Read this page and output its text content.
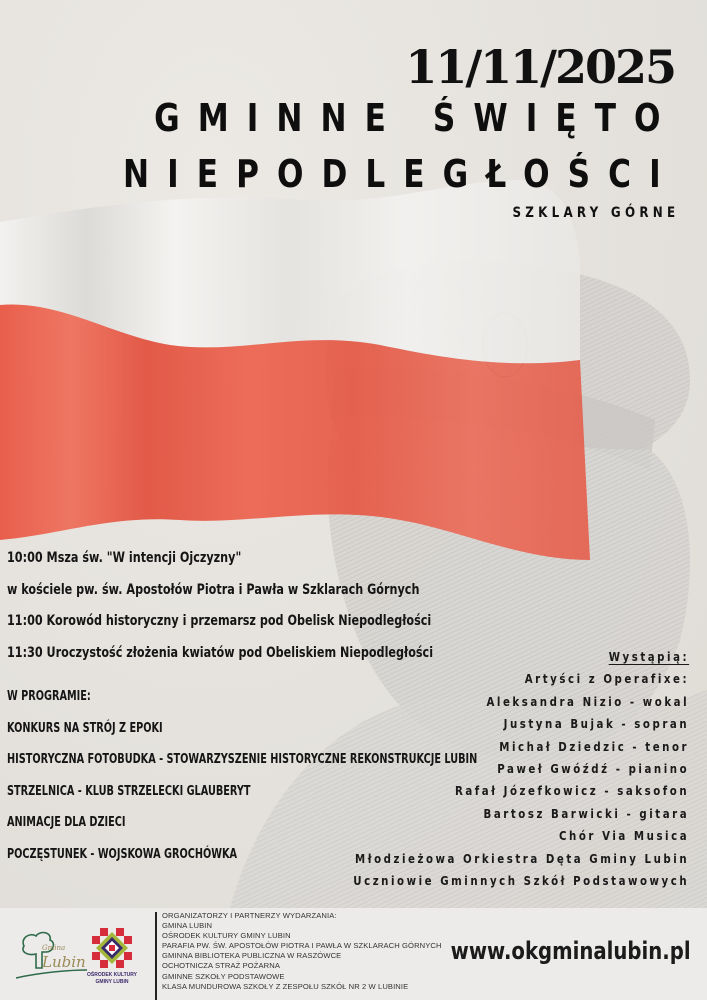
11/11/2025
GMINNE ŚWIĘTO
NIEPODLEGŁOŚCI
SZKLARY GÓRNE
10:00 Msza św. "W intencji Ojczyzny"
w kościele pw. św. Apostołów Piotra i Pawła w Szklarach Górnych
11:00 Korowód historyczny i przemarsz pod Obelisk Niepodległości
11:30 Uroczystość złożenia kwiatów pod Obeliskiem Niepodległości
W PROGRAMIE:
KONKURS NA STRÓJ Z EPOKI
HISTORYCZNA FOTOBUDKA - STOWARZYSZENIE HISTORYCZNE REKONSTRUKCJE LUBIN
STRZELNICA - KLUB STRZELECKI GLAUBERYT
ANIMACJE DLA DZIECI
POCZĘSTUNEK - WOJSKOWA GROCHÓWKA
Wystąpią:
Artyści z Operafixe:
Aleksandra Nizio - wokal
Justyna Bujak - sopran
Michał Dziedzic - tenor
Paweł Gwóźdź - pianino
Rafał Józefkowicz - saksofon
Bartosz Barwicki - gitara
Chór Via Musica
Młodzieżowa Orkiestra Dęta Gminy Lubin
Uczniowie Gminnych Szkół Podstawowych
Gmina
Lubin
OŚRODEK KULTURY
GMINY LUBIN
ORGANIZATORZY I PARTNERZY WYDARZANIA:
GMINA LUBIN
OŚRODEK KULTURY GMINY LUBIN
PARAFIA PW. ŚW. APOSTOŁÓW PIOTRA I PAWŁA W SZKLARACH GÓRNYCH
GMINNA BIBLIOTEKA PUBLICZNA W RASZÓWCE
OCHOTNICZA STRAŻ POŻARNA
GMINNE SZKOŁY PODSTAWOWE
KLASA MUNDUROWA SZKOŁY Z ZESPOŁU SZKÓŁ NR 2 W LUBINIE
www.okgminalubin.pl
